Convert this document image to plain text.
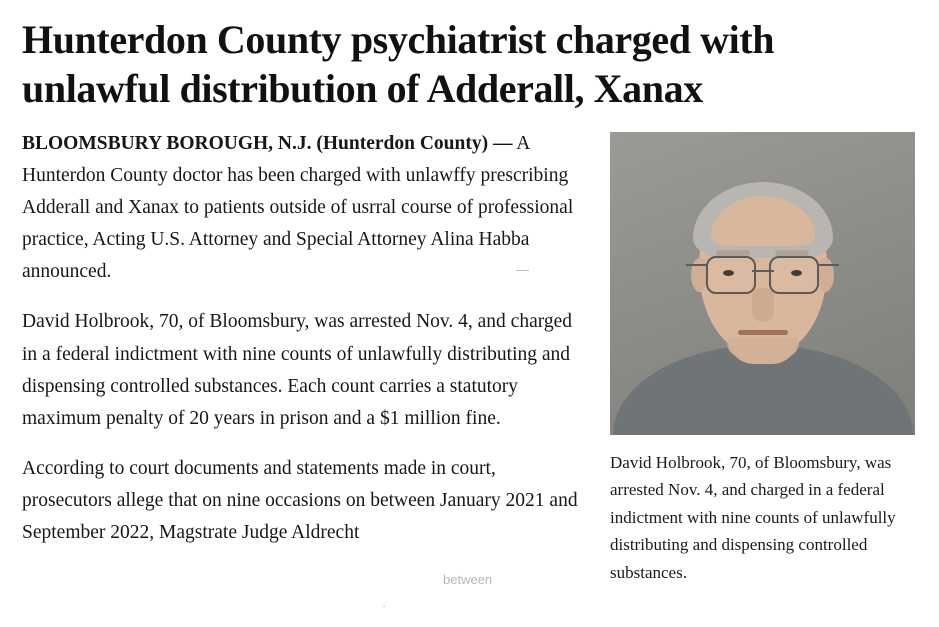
Hunterdon County psychiatrist charged with unlawful distribution of Adderall, Xanax

BLOOMSBURY BOROUGH, N.J. (Hunterdon County) — A Hunterdon County doctor has been charged with unlawffy prescribing Adderall and Xanax to patients outside of usrral course of professional practice, Acting U.S. Attorney and Special Attorney Alina Habba announced.

David Holbrook, 70, of Bloomsbury, was arrested Nov. 4, and charged in a federal indictment with nine counts of unlawfully distributing and dispensing controlled substances. Each count carries a statutory maximum penalty of 20 years in prison and a $1 million fine.

According to court documents and statements made in court, prosecutors allege that on nine occasions on between January 2021 and September 2022, Magstrate Judge Aldrecht

David Holbrook, 70, of Bloomsbury, was arrested Nov. 4, and charged in a federal indictment with nine counts of unlawfully distributing and dispensing controlled substances.
—
between
·
